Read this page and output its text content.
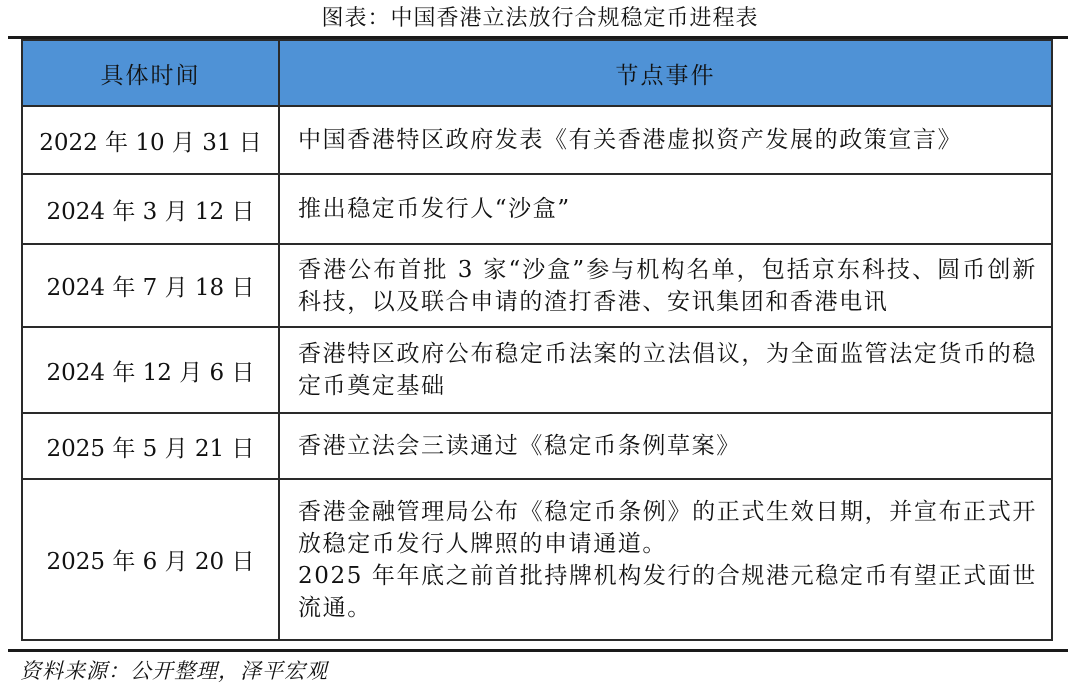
图表：中国香港立法放行合规稳定币进程表
具体时间	节点事件
2022 年 10 月 31 日	中国香港特区政府发表《有关香港虚拟资产发展的政策宣言》

2024 年 3 月 12 日	推出稳定币发行人“沙盒”

2024 年 7 月 18 日	香港公布首批 3 家“沙盒”参与机构名单，包括京东科技、圆币创新科技，以及联合申请的渣打香港、安讯集团和香港电讯

2024 年 12 月 6 日	香港特区政府公布稳定币法案的立法倡议，为全面监管法定货币的稳定币奠定基础

2025 年 5 月 21 日	香港立法会三读通过《稳定币条例草案》

2025 年 6 月 20 日	香港金融管理局公布《稳定币条例》的正式生效日期，并宣布正式开放稳定币发行人牌照的申请通道。
2025 年年底之前首批持牌机构发行的合规港元稳定币有望正式面世流通。
资料来源：公开整理，泽平宏观
